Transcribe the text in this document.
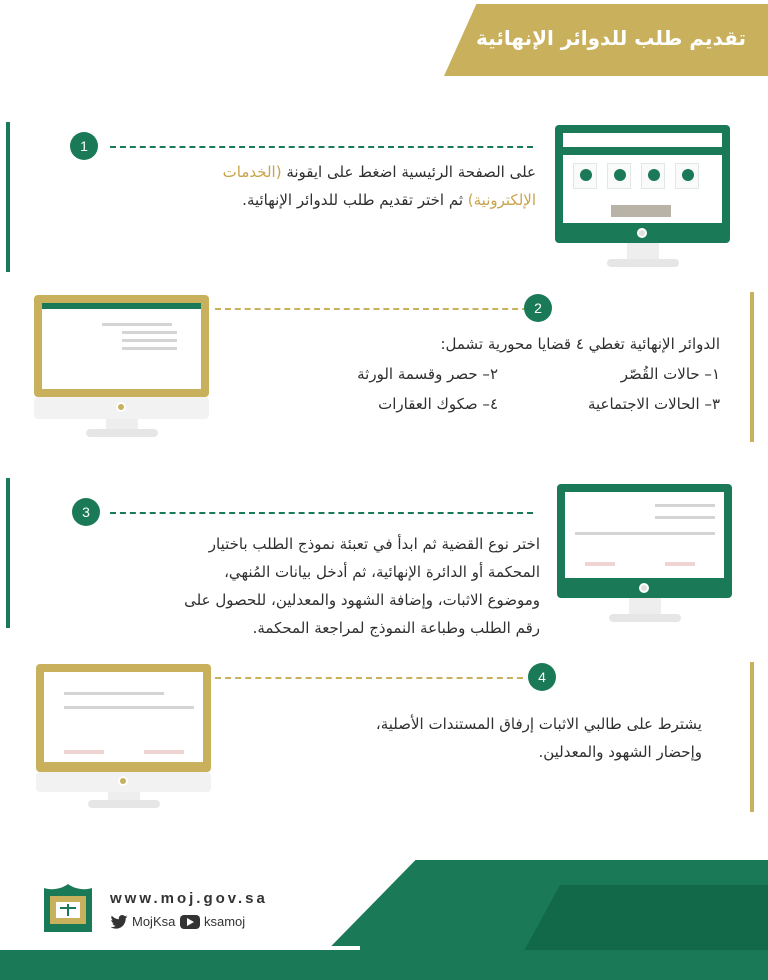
تقديم طلب للدوائر الإنهائية
1
على الصفحة الرئيسية اضغط على ايقونة (الخدمات
الإلكترونية) ثم اختر تقديم طلب للدوائر الإنهائية.
2
الدوائر الإنهائية تغطي ٤ قضايا محورية تشمل:
١– حالات القُصّر
٢– حصر وقسمة الورثة
٣– الحالات الاجتماعية
٤– صكوك العقارات
3
اختر نوع القضية ثم ابدأ في تعبئة نموذج الطلب باختيار
المحكمة أو الدائرة الإنهائية، ثم أدخل بيانات المُنهي،
وموضوع الاثبات، وإضافة الشهود والمعدلين، للحصول على
رقم الطلب وطباعة النموذج لمراجعة المحكمة.
4
يشترط على طالبي الاثبات إرفاق المستندات الأصلية،
وإحضار الشهود والمعدلين.
www.moj.gov.sa
MojKsa ksamoj
